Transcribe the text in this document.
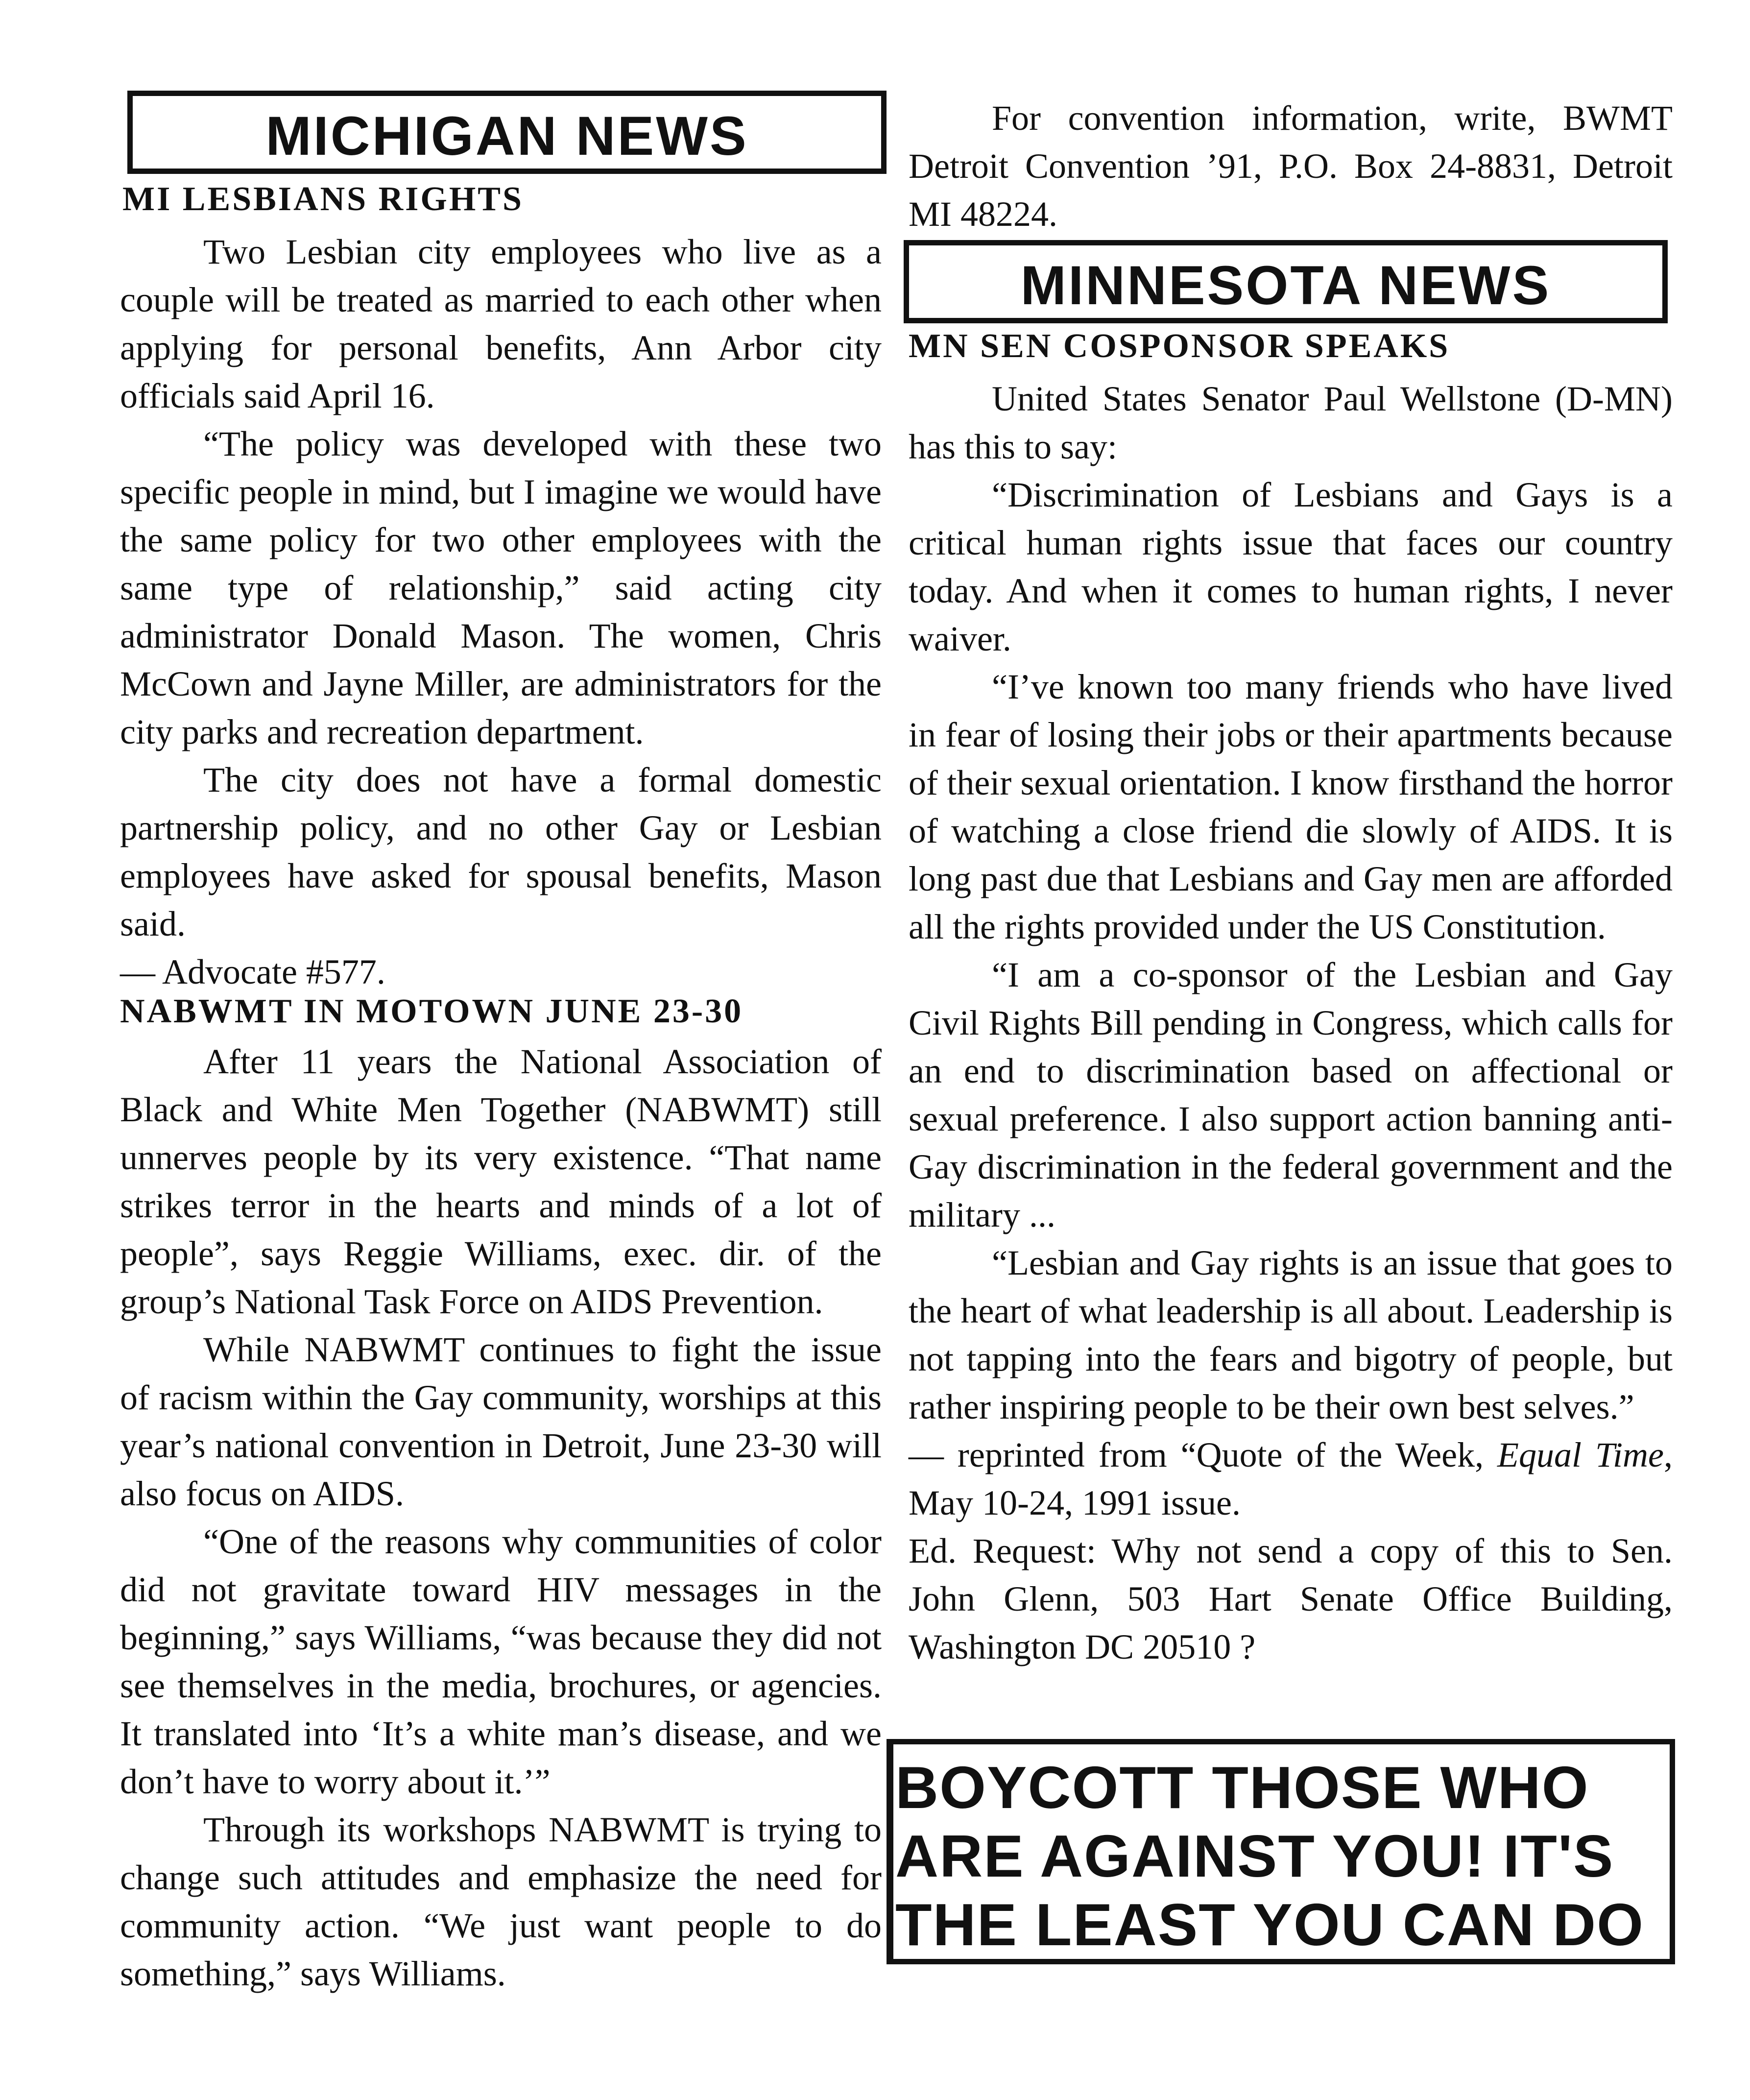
MICHIGAN NEWS
MI LESBIANS RIGHTS

Two Lesbian city employees who live as a couple will be treated as married to each other when applying for personal benefits, Ann Arbor city officials said April 16.

“The policy was developed with these two specific people in mind, but I imagine we would have the same policy for two other employees with the same type of relationship,” said acting city administrator Donald Mason. The women, Chris McCown and Jayne Miller, are administrators for the city parks and recreation department.

The city does not have a formal domestic partnership policy, and no other Gay or Lesbian employees have asked for spousal benefits, Mason said.

— Advocate #577.

NABWMT IN MOTOWN JUNE 23-30

After 11 years the National Association of Black and White Men Together (NABWMT) still unnerves people by its very existence. “That name strikes terror in the hearts and minds of a lot of people”, says Reggie Williams, exec. dir. of the group’s National Task Force on AIDS Prevention.

While NABWMT continues to fight the issue of racism within the Gay community, worships at this year’s national convention in Detroit, June 23-30 will also focus on AIDS.

“One of the reasons why communities of color did not gravitate toward HIV messages in the beginning,” says Williams, “was because they did not see themselves in the media, brochures, or agencies. It translated into ‘It’s a white man’s disease, and we don’t have to worry about it.’”

Through its workshops NABWMT is trying to change such attitudes and emphasize the need for community action. “We just want people to do something,” says Williams.

For convention information, write, BWMT Detroit Convention ’91, P.O. Box 24-8831, Detroit MI 48224.

MINNESOTA NEWS
MN SEN COSPONSOR SPEAKS

United States Senator Paul Wellstone (D-MN) has this to say:

“Discrimination of Lesbians and Gays is a critical human rights issue that faces our country today. And when it comes to human rights, I never waiver.

“I’ve known too many friends who have lived in fear of losing their jobs or their apartments because of their sexual orientation. I know firsthand the horror of watching a close friend die slowly of AIDS. It is long past due that Lesbians and Gay men are afforded all the rights provided under the US Constitution.

“I am a co-sponsor of the Lesbian and Gay Civil Rights Bill pending in Congress, which calls for an end to discrimination based on affectional or sexual preference. I also support action banning anti-Gay discrimination in the federal government and the military ...

“Lesbian and Gay rights is an issue that goes to the heart of what leadership is all about. Leadership is not tapping into the fears and bigotry of people, but rather inspiring people to be their own best selves.”

— reprinted from “Quote of the Week, Equal Time, May 10-24, 1991 issue.

Ed. Request: Why not send a copy of this to Sen. John Glenn, 503 Hart Senate Office Building, Washington DC 20510 ?

BOYCOTT THOSE WHO
ARE AGAINST YOU! IT'S
THE LEAST YOU CAN DO
